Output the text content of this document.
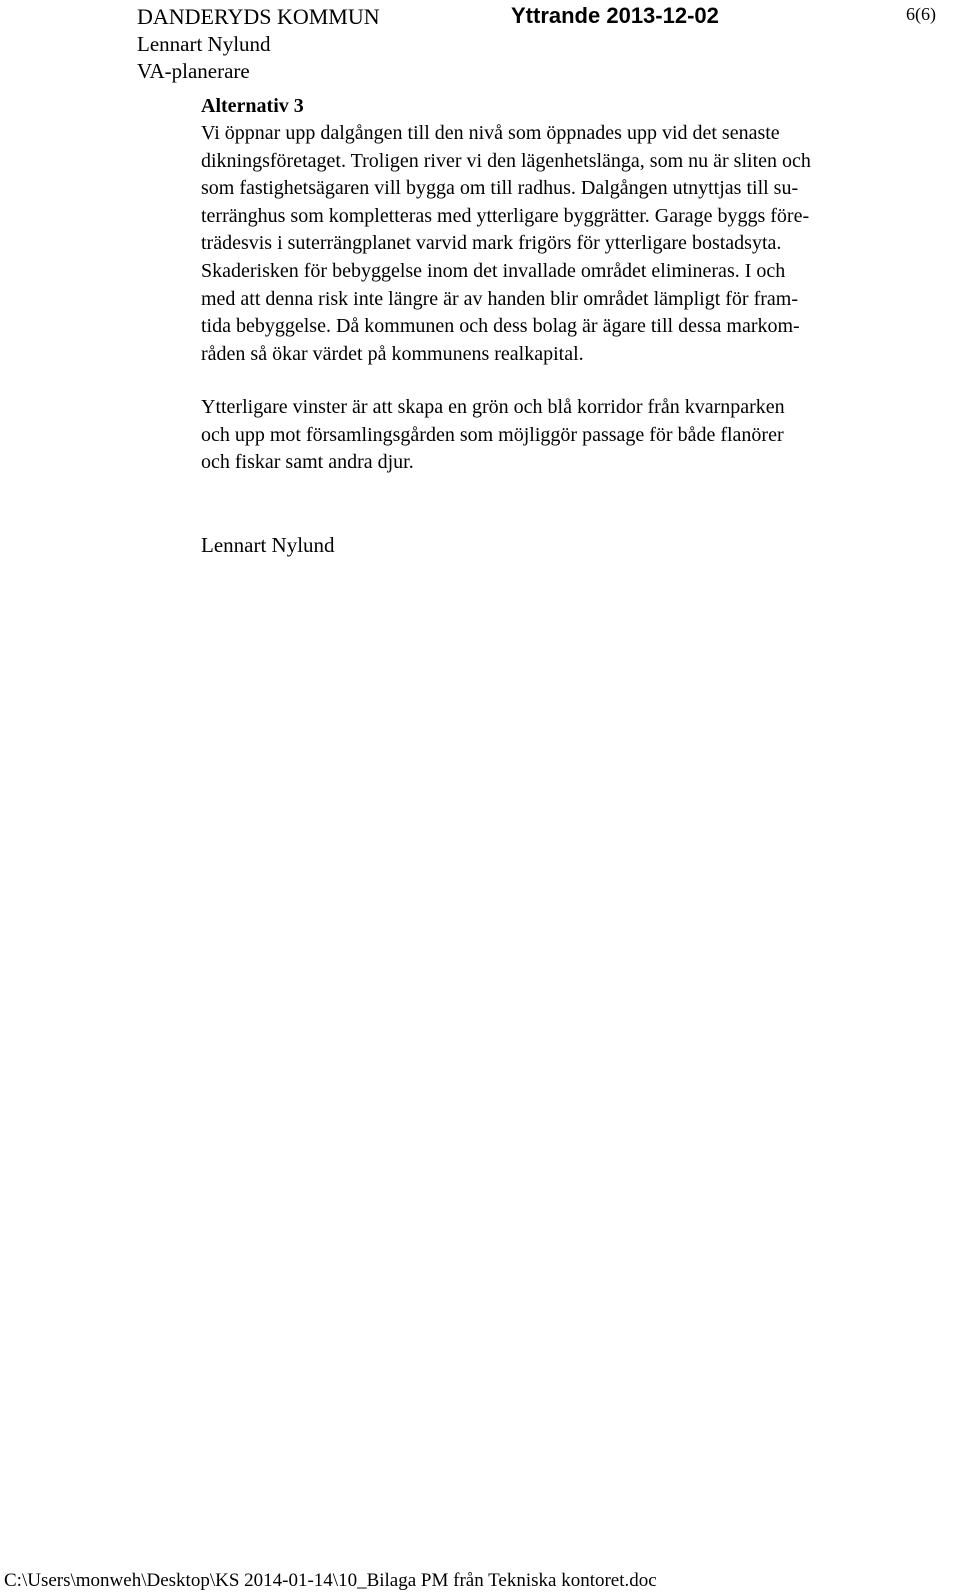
DANDERYDS KOMMUN
Lennart Nylund
VA-planerare
Yttrande 2013-12-02	6(6)
Alternativ 3

Vi öppnar upp dalgången till den nivå som öppnades upp vid det senaste
dikningsföretaget. Troligen river vi den lägenhetslänga, som nu är sliten och
som fastighetsägaren vill bygga om till radhus. Dalgången utnyttjas till su-
terränghus som kompletteras med ytterligare byggrätter. Garage byggs före-
trädesvis i suterrängplanet varvid mark frigörs för ytterligare bostadsyta.
Skaderisken för bebyggelse inom det invallade området elimineras. I och
med att denna risk inte längre är av handen blir området lämpligt för fram-
tida bebyggelse. Då kommunen och dess bolag är ägare till dessa markom-
råden så ökar värdet på kommunens realkapital.

Ytterligare vinster är att skapa en grön och blå korridor från kvarnparken
och upp mot församlingsgården som möjliggör passage för både flanörer
och fiskar samt andra djur.

Lennart Nylund
C:\Users\monweh\Desktop\KS 2014-01-14\10_Bilaga PM från Tekniska kontoret.doc
